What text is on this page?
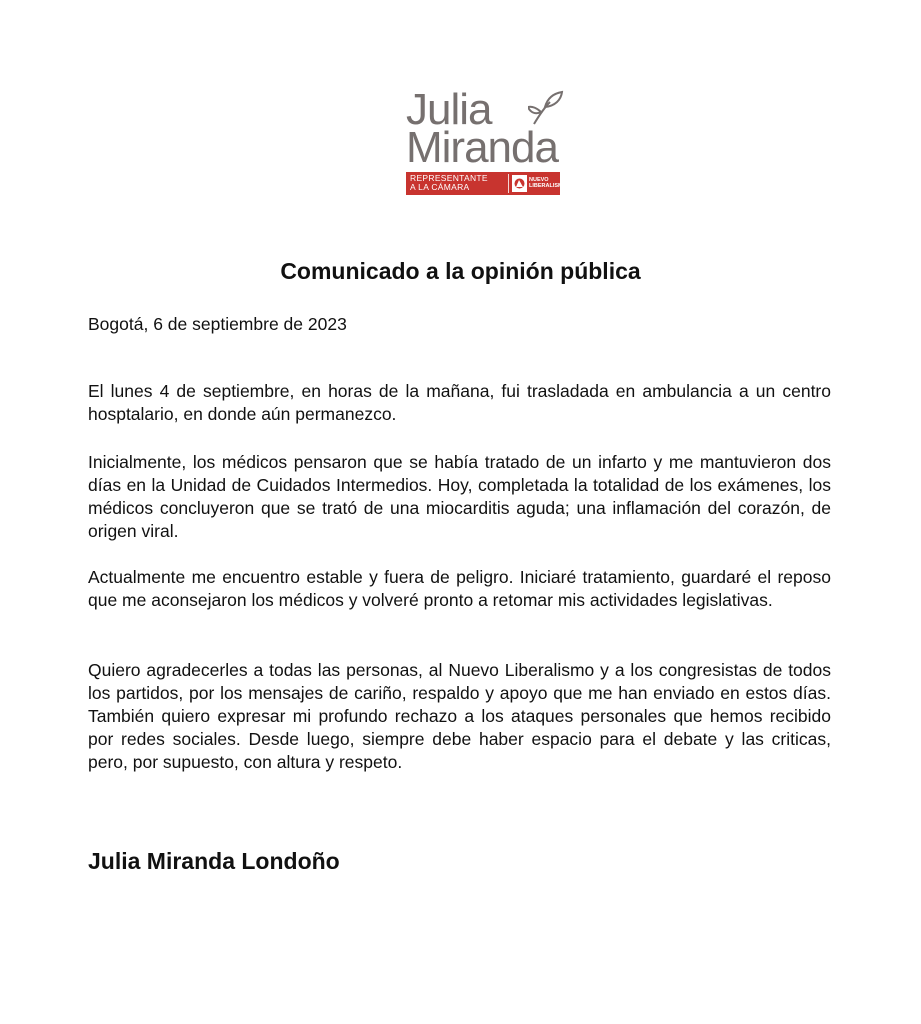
Julia
Miranda
REPRESENTANTE
A LA CÁMARA
NUEVO
LIBERALISMO
Comunicado a la opinión pública
Bogotá, 6 de septiembre de 2023

El lunes 4 de septiembre, en horas de la mañana, fui trasladada en ambulancia a un centro hosptalario, en donde aún permanezco.

Inicialmente, los médicos pensaron que se había tratado de un infarto y me mantuvieron dos días en la Unidad de Cuidados Intermedios. Hoy, completada la totalidad de los exámenes, los médicos concluyeron que se trató de una miocarditis aguda; una inflamación del corazón, de origen viral.

Actualmente me encuentro estable y fuera de peligro. Iniciaré tratamiento, guardaré el reposo que me aconsejaron los médicos y volveré pronto a retomar mis actividades legislativas.

Quiero agradecerles a todas las personas, al Nuevo Liberalismo y a los congresistas de todos los partidos, por los mensajes de cariño, respaldo y apoyo que me han enviado en estos días. También quiero expresar mi profundo rechazo a los ataques personales que hemos recibido por redes sociales. Desde luego, siempre debe haber espacio para el debate y las criticas, pero, por supuesto, con altura y respeto.

Julia Miranda Londoño
